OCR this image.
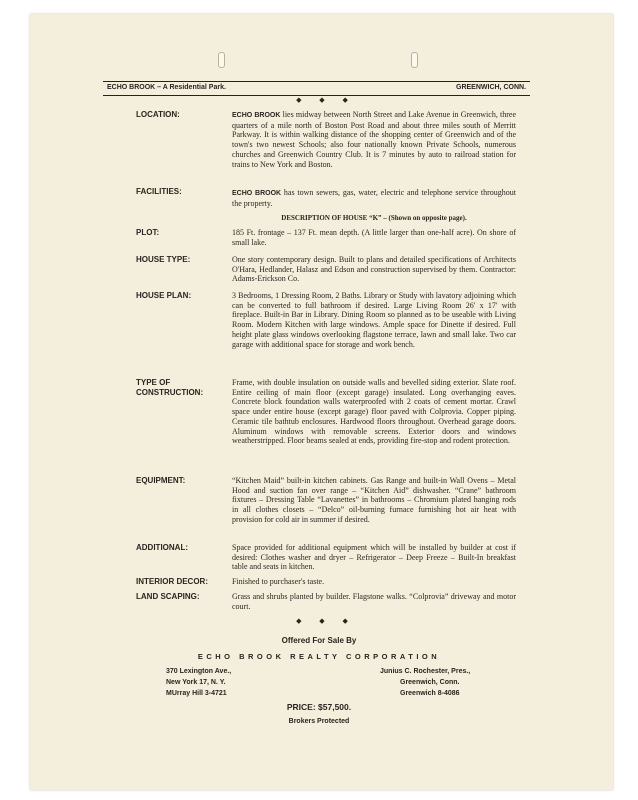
ECHO BROOK – A Residential Park.	GREENWICH, CONN.
◆ ◆ ◆
LOCATION:	ECHO BROOK lies midway between North Street and Lake Avenue in Greenwich, three quarters of a mile north of Boston Post Road and about three miles south of Merritt Parkway. It is within walking distance of the shopping center of Greenwich and of the town's two newest Schools; also four nationally known Private Schools, numerous churches and Greenwich Country Club. It is 7 minutes by auto to railroad station for trains to New York and Boston.
FACILITIES:	ECHO BROOK has town sewers, gas, water, electric and telephone service throughout the property.
DESCRIPTION OF HOUSE “K” – (Shown on opposite page).
PLOT:	185 Ft. frontage – 137 Ft. mean depth. (A little larger than one-half acre). On shore of small lake.
HOUSE TYPE:	One story contemporary design. Built to plans and detailed specifications of Architects O'Hara, Hedlander, Halasz and Edson and construction supervised by them. Contractor: Adams-Erickson Co.
HOUSE PLAN:	3 Bedrooms, 1 Dressing Room, 2 Baths. Library or Study with lavatory adjoining which can be converted to full bathroom if desired. Large Living Room 26′ x 17′ with fireplace. Built-in Bar in Library. Dining Room so planned as to be useable with Living Room. Modern Kitchen with large windows. Ample space for Dinette if desired. Full height plate glass windows overlooking flagstone terrace, lawn and small lake. Two car garage with additional space for storage and work bench.
TYPE OF
CONSTRUCTION:
Frame, with double insulation on outside walls and bevelled siding exterior. Slate roof. Entire ceiling of main floor (except garage) insulated. Long overhanging eaves. Concrete block foundation walls waterproofed with 2 coats of cement mortar. Crawl space under entire house (except garage) floor paved with Colprovia. Copper piping. Ceramic tile bathtub enclosures. Hardwood floors throughout. Overhead garage doors. Aluminum windows with removable screens. Exterior doors and windows weatherstripped. Floor beams sealed at ends, providing fire-stop and rodent protection.
EQUIPMENT:	“Kitchen Maid” built-in kitchen cabinets. Gas Range and built-in Wall Ovens – Metal Hood and suction fan over range – “Kitchen Aid” dishwasher. “Crane” bathroom fixtures – Dressing Table “Lavanettes” in bathrooms – Chromium plated hanging rods in all clothes closets – “Delco” oil-burning furnace furnishing hot air heat with provision for cold air in summer if desired.
ADDITIONAL:	Space provided for additional equipment which will be installed by builder at cost if desired: Clothes washer and dryer – Refrigerator – Deep Freeze – Built-In breakfast table and seats in kitchen.
INTERIOR DECOR:	Finished to purchaser's taste.
LAND SCAPING:	Grass and shrubs planted by builder. Flagstone walks. “Colprovia” driveway and motor court.
◆ ◆ ◆
Offered For Sale By
ECHO BROOK REALTY CORPORATION
370 Lexington Ave.,
New York 17, N. Y.
MUrray Hill 3-4721
Junius C. Rochester, Pres.,
Greenwich, Conn.
Greenwich 8-4086
PRICE: $57,500.
Brokers Protected
